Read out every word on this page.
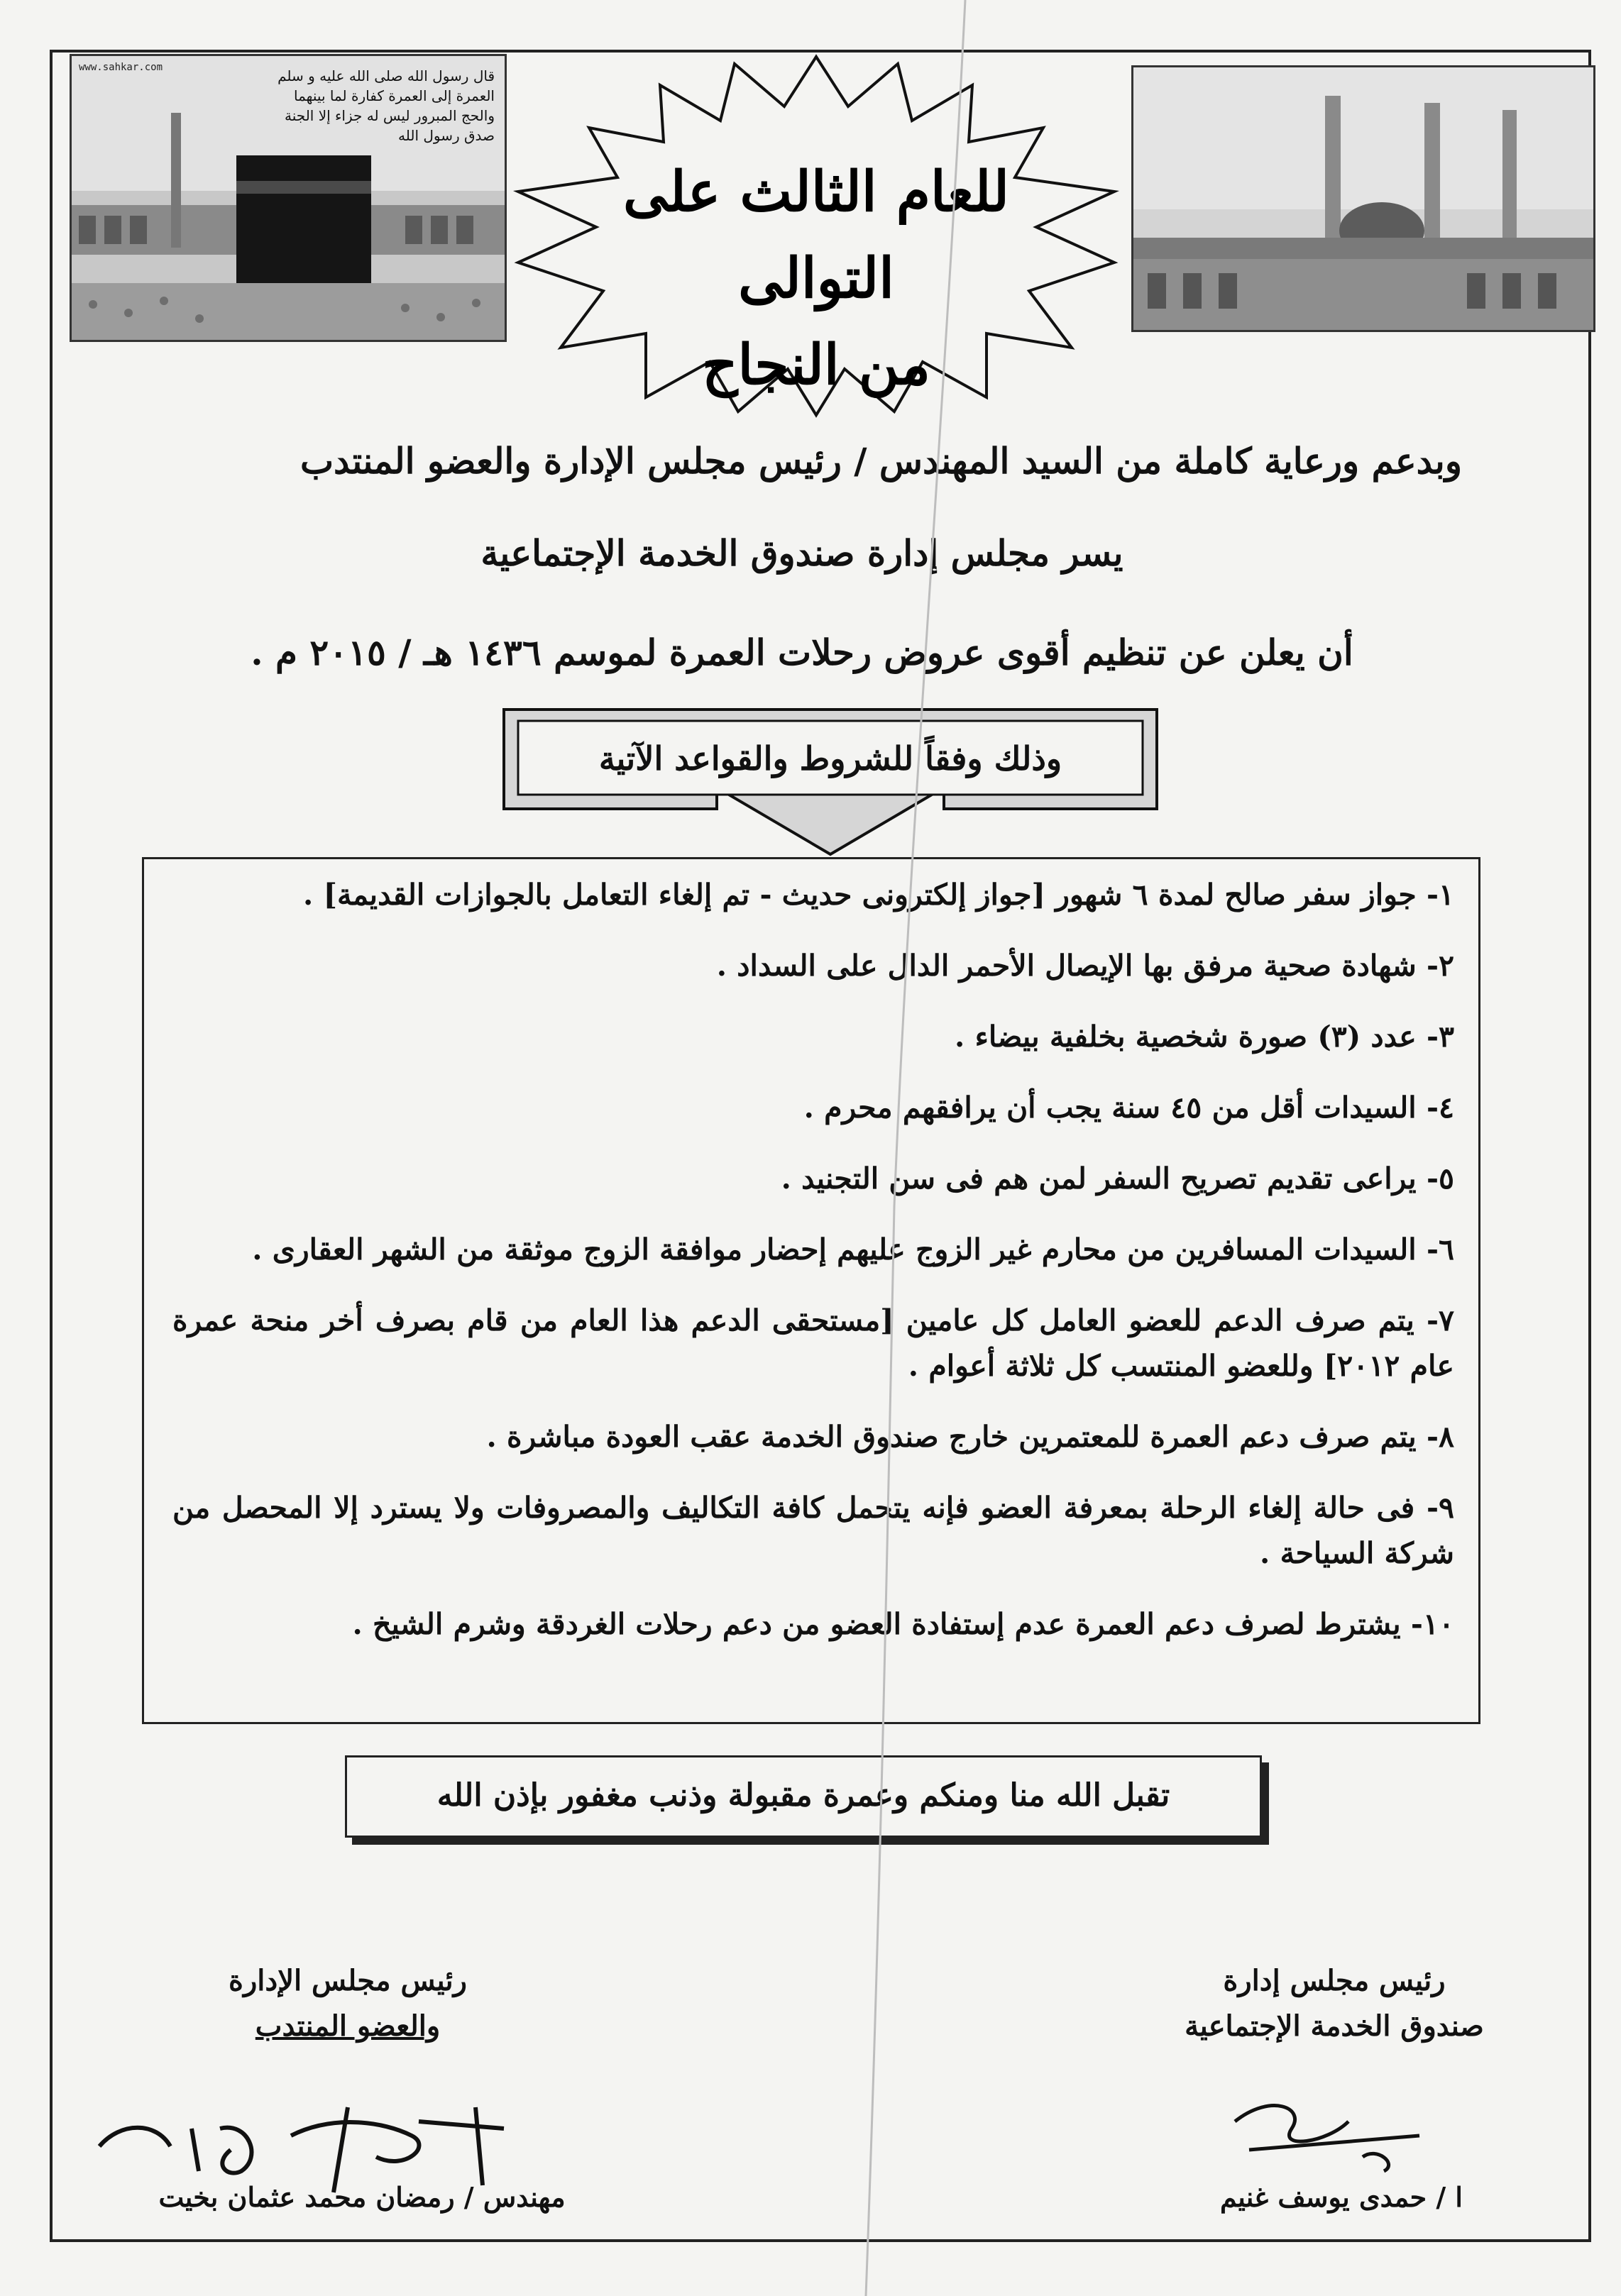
www.sahkar.com	قال رسول الله صلى الله عليه و سلم
العمرة إلى العمرة كفارة لما بينهما
والحج المبرور ليس له جزاء إلا الجنة
صدق رسول الله
للعام الثالث على التوالى
من النجاح
وبدعم ورعاية كاملة من السيد المهندس / رئيس مجلس الإدارة والعضو المنتدب
يسر مجلس إدارة صندوق الخدمة الإجتماعية
أن يعلن عن تنظيم أقوى عروض رحلات العمرة لموسم ١٤٣٦ هـ / ٢٠١٥ م .
وذلك وفقاً للشروط والقواعد الآتية
١- جواز سفر صالح لمدة ٦ شهور [جواز إلكترونى حديث - تم إلغاء التعامل بالجوازات القديمة] .
٢- شهادة صحية مرفق بها الإيصال الأحمر الدال على السداد .
٣- عدد (٣) صورة شخصية بخلفية بيضاء .
٤- السيدات أقل من ٤٥ سنة يجب أن يرافقهم محرم .
٥- يراعى تقديم تصريح السفر لمن هم فى سن التجنيد .
٦- السيدات المسافرين من محارم غير الزوج عليهم إحضار موافقة الزوج موثقة من الشهر العقارى .
٧- يتم صرف الدعم للعضو العامل كل عامين [مستحقى الدعم هذا العام من قام بصرف أخر منحة عمرة عام ٢٠١٢] وللعضو المنتسب كل ثلاثة أعوام .
٨- يتم صرف دعم العمرة للمعتمرين خارج صندوق الخدمة عقب العودة مباشرة .
٩- فى حالة إلغاء الرحلة بمعرفة العضو فإنه يتحمل كافة التكاليف والمصروفات ولا يسترد إلا المحصل من شركة السياحة .
١٠- يشترط لصرف دعم العمرة عدم إستفادة العضو من دعم رحلات الغردقة وشرم الشيخ .
تقبل الله منا ومنكم وعمرة مقبولة وذنب مغفور بإذن الله
رئيس مجلس الإدارة
والعضو المنتدب
رئيس مجلس إدارة
صندوق الخدمة الإجتماعية
مهندس / رمضان محمد عثمان بخيت	ا / حمدى يوسف غنيم
